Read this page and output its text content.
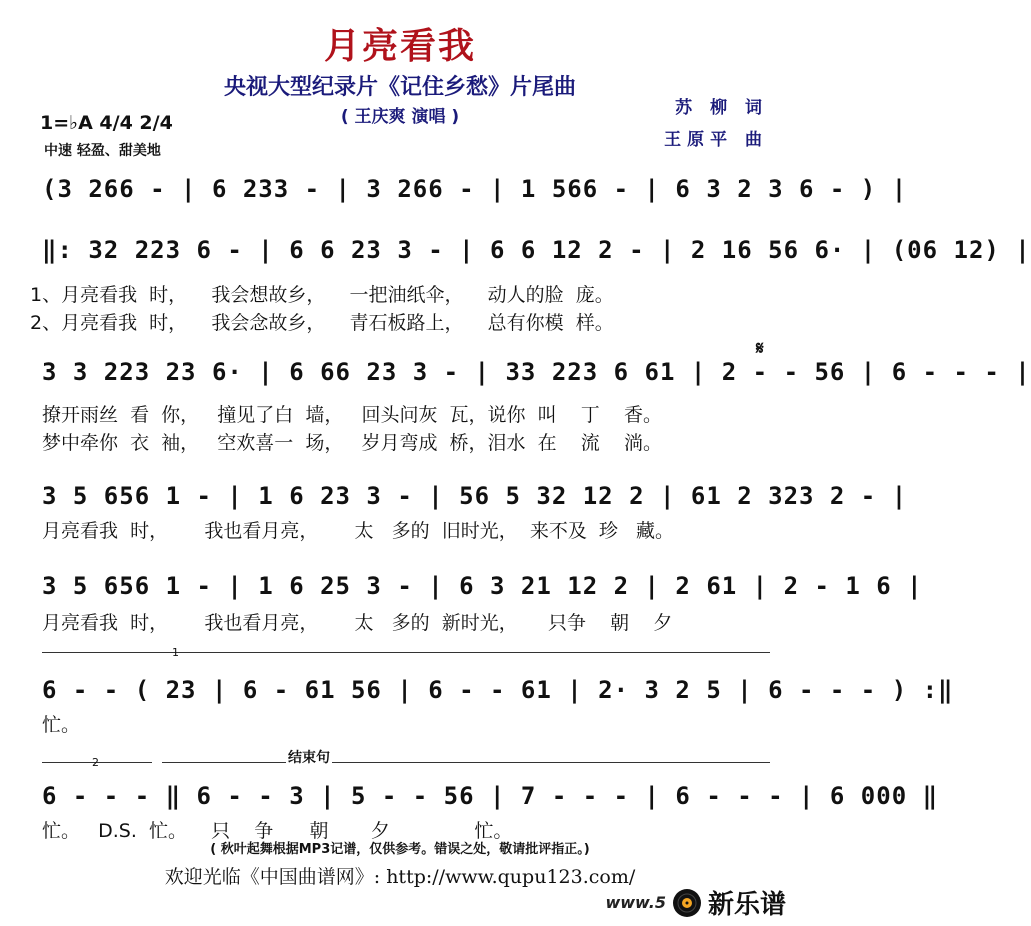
月亮看我
央视大型纪录片《记住乡愁》片尾曲
( 王庆爽 演唱 )	苏 柳 词
王原平 曲
1=♭A 4/4 2/4
中速 轻盈、甜美地
(3 266 - | 6 233 - | 3 266 - | 1 566 - | 6 3 2 3 6 - ) |
‖: 32 223 6 - | 6 6 23 3 - | 6 6 12 2 - | 2 16 56 6· | (06 12) |
1、月亮看我  时，    我会想故乡，    一把油纸伞，    动人的脸  庞。
2、月亮看我  时，    我会念故乡，    青石板路上，    总有你模  样。
𝄋
3 3 223 23 6· | 6 66 23 3 - | 33 223 6 61 | 2 - - 56 | 6 - - - |
撩开雨丝  看  你，   撞见了白  墙，   回头问灰  瓦，说你  叫    丁    香。
梦中牵你  衣  袖，   空欢喜一  场，   岁月弯成  桥，泪水  在    流    淌。
3 5 656 1 - | 1 6 23 3 - | 56 5 32 12 2 | 61 2 323 2 - |
月亮看我  时，      我也看月亮，      太   多的  旧时光，  来不及  珍   藏。
3 5 656 1 - | 1 6 25 3 - | 6 3 21 12 2 | 2 61 | 2 - 1 6 |
月亮看我  时，      我也看月亮，      太   多的  新时光，     只争    朝    夕
1
6 - - ( 23 | 6 - 61 56 | 6 - - 61 | 2· 3 2 5 | 6 - - - ) :‖
忙。
2	结束句
6 - - - ‖ 6 - - 3 | 5 - - 56 | 7 - - - | 6 - - - | 6 000 ‖
忙。   D.S.  忙。    只    争      朝       夕              忙。
( 秋叶起舞根据MP3记谱，仅供参考。错误之处，敬请批评指正。)
欢迎光临《中国曲谱网》: http://www.qupu123.com/
www.5 新乐谱
